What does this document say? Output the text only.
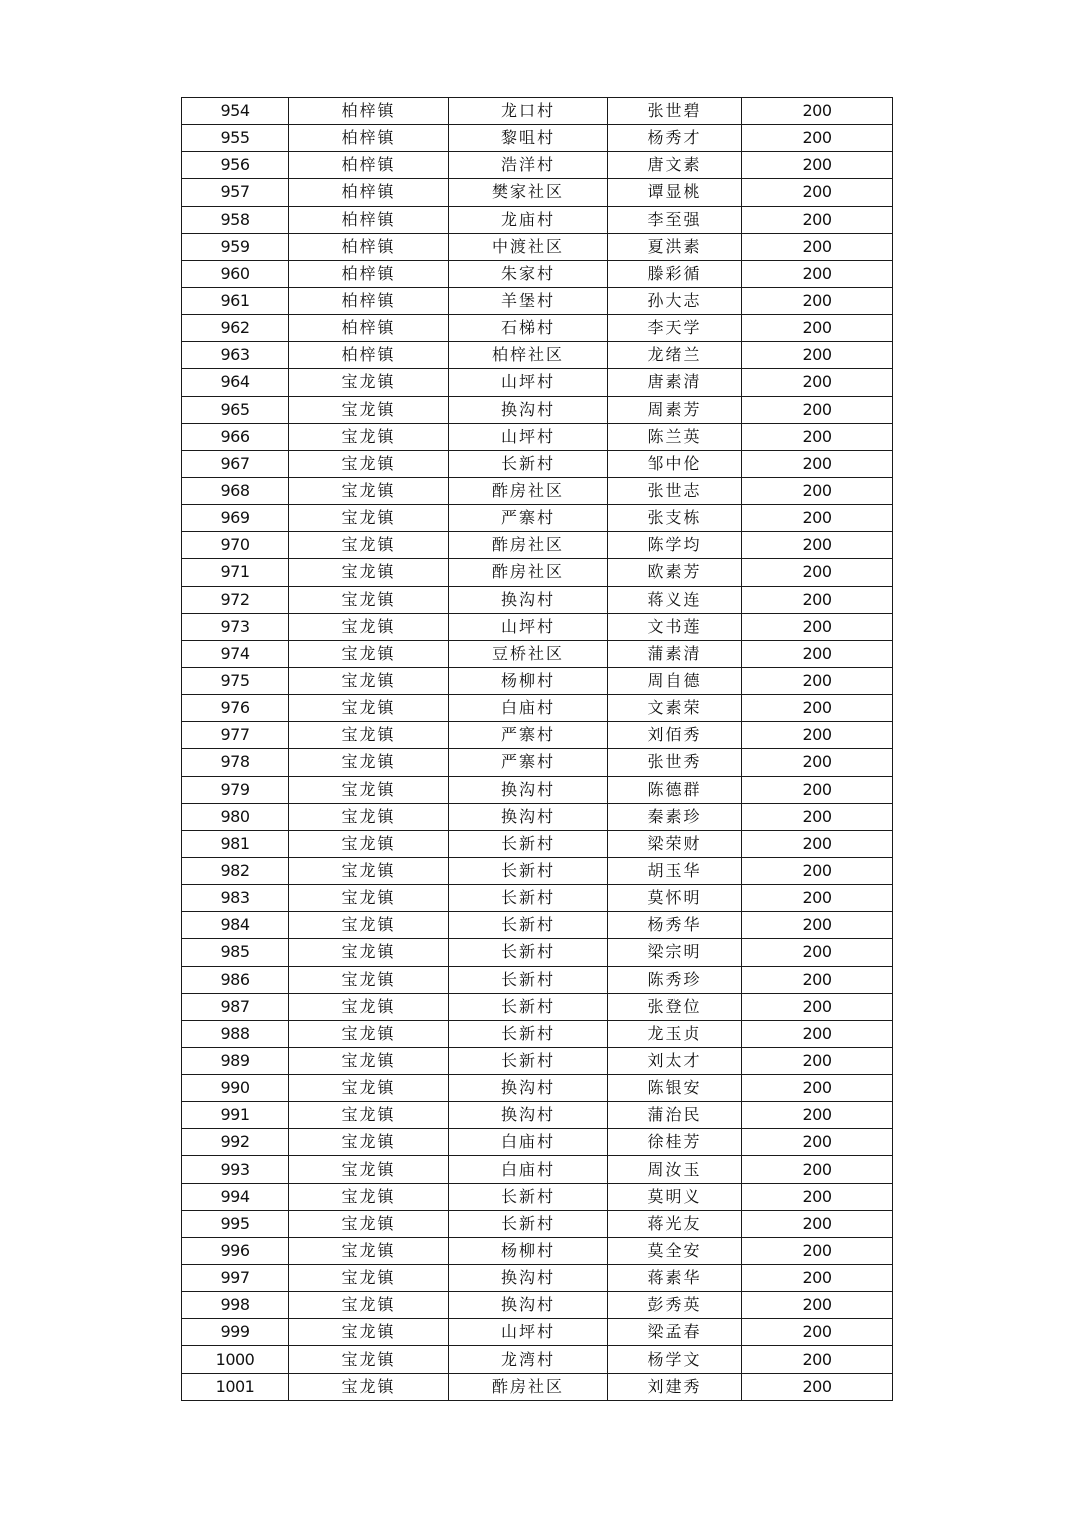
954	柏梓镇	龙口村	张世碧	200
955	柏梓镇	黎咀村	杨秀才	200
956	柏梓镇	浩洋村	唐文素	200
957	柏梓镇	樊家社区	谭显桃	200
958	柏梓镇	龙庙村	李至强	200
959	柏梓镇	中渡社区	夏洪素	200
960	柏梓镇	朱家村	滕彩循	200
961	柏梓镇	羊堡村	孙大志	200
962	柏梓镇	石梯村	李天学	200
963	柏梓镇	柏梓社区	龙绪兰	200
964	宝龙镇	山坪村	唐素清	200
965	宝龙镇	换沟村	周素芳	200
966	宝龙镇	山坪村	陈兰英	200
967	宝龙镇	长新村	邹中伦	200
968	宝龙镇	酢房社区	张世志	200
969	宝龙镇	严寨村	张支栋	200
970	宝龙镇	酢房社区	陈学均	200
971	宝龙镇	酢房社区	欧素芳	200
972	宝龙镇	换沟村	蒋义连	200
973	宝龙镇	山坪村	文书莲	200
974	宝龙镇	豆桥社区	蒲素清	200
975	宝龙镇	杨柳村	周自德	200
976	宝龙镇	白庙村	文素荣	200
977	宝龙镇	严寨村	刘佰秀	200
978	宝龙镇	严寨村	张世秀	200
979	宝龙镇	换沟村	陈德群	200
980	宝龙镇	换沟村	秦素珍	200
981	宝龙镇	长新村	梁荣财	200
982	宝龙镇	长新村	胡玉华	200
983	宝龙镇	长新村	莫怀明	200
984	宝龙镇	长新村	杨秀华	200
985	宝龙镇	长新村	梁宗明	200
986	宝龙镇	长新村	陈秀珍	200
987	宝龙镇	长新村	张登位	200
988	宝龙镇	长新村	龙玉贞	200
989	宝龙镇	长新村	刘太才	200
990	宝龙镇	换沟村	陈银安	200
991	宝龙镇	换沟村	蒲治民	200
992	宝龙镇	白庙村	徐桂芳	200
993	宝龙镇	白庙村	周汝玉	200
994	宝龙镇	长新村	莫明义	200
995	宝龙镇	长新村	蒋光友	200
996	宝龙镇	杨柳村	莫全安	200
997	宝龙镇	换沟村	蒋素华	200
998	宝龙镇	换沟村	彭秀英	200
999	宝龙镇	山坪村	梁孟春	200
1000	宝龙镇	龙湾村	杨学文	200
1001	宝龙镇	酢房社区	刘建秀	200
